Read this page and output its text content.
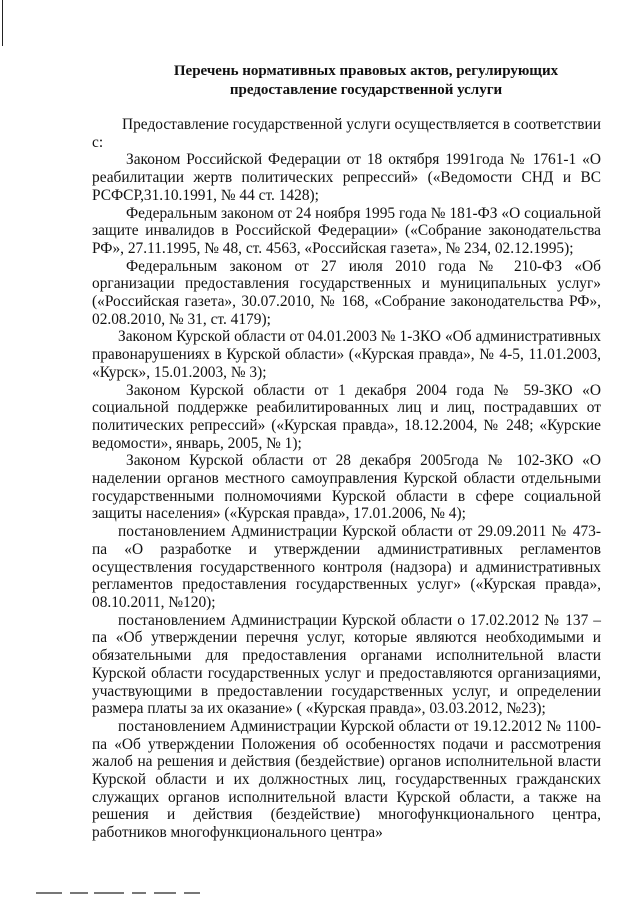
Перечень нормативных правовых актов, регулирующих
предоставление государственной услуги

Предоставление государственной услуги осуществляется в соответствии с:

Законом Российской Федерации от 18 октября 1991года № 1761-1 «О реабилитации жертв политических репрессий» («Ведомости СНД и ВС РСФСР,31.10.1991, № 44 ст. 1428);

Федеральным законом от 24 ноября 1995 года № 181-ФЗ «О социальной защите инвалидов в Российской Федерации» («Собрание законодательства РФ», 27.11.1995, № 48, ст. 4563, «Российская газета», № 234, 02.12.1995);

Федеральным законом от 27 июля 2010 года № 210-ФЗ «Об организации предоставления государственных и муниципальных услуг» («Российская газета», 30.07.2010, № 168, «Собрание законодательства РФ», 02.08.2010, № 31, ст. 4179);

Законом Курской области от 04.01.2003 № 1-ЗКО «Об административных правонарушениях в Курской области» («Курская правда», № 4-5, 11.01.2003, «Курск», 15.01.2003, № 3);

Законом Курской области от 1 декабря 2004 года № 59-ЗКО «О социальной поддержке реабилитированных лиц и лиц, пострадавших от политических репрессий» («Курская правда», 18.12.2004, № 248; «Курские ведомости», январь, 2005, № 1);

Законом Курской области от 28 декабря 2005года № 102-ЗКО «О наделении органов местного самоуправления Курской области отдельными государственными полномочиями Курской области в сфере социальной защиты населения» («Курская правда», 17.01.2006, № 4);

постановлением Администрации Курской области от 29.09.2011 № 473-па «О разработке и утверждении административных регламентов осуществления государственного контроля (надзора) и административных регламентов предоставления государственных услуг» («Курская правда», 08.10.2011, №120);

постановлением Администрации Курской области о 17.02.2012 № 137 – па «Об утверждении перечня услуг, которые являются необходимыми и обязательными для предоставления органами исполнительной власти Курской области государственных услуг и предоставляются организациями, участвующими в предоставлении государственных услуг, и определении размера платы за их оказание» ( «Курская правда», 03.03.2012, №23);

постановлением Администрации Курской области от 19.12.2012 № 1100-па «Об утверждении Положения об особенностях подачи и рассмотрения жалоб на решения и действия (бездействие) органов исполнительной власти Курской области и их должностных лиц, государственных гражданских служащих органов исполнительной власти Курской области, а также на решения и действия (бездействие) многофункционального центра, работников многофункционального центра»
